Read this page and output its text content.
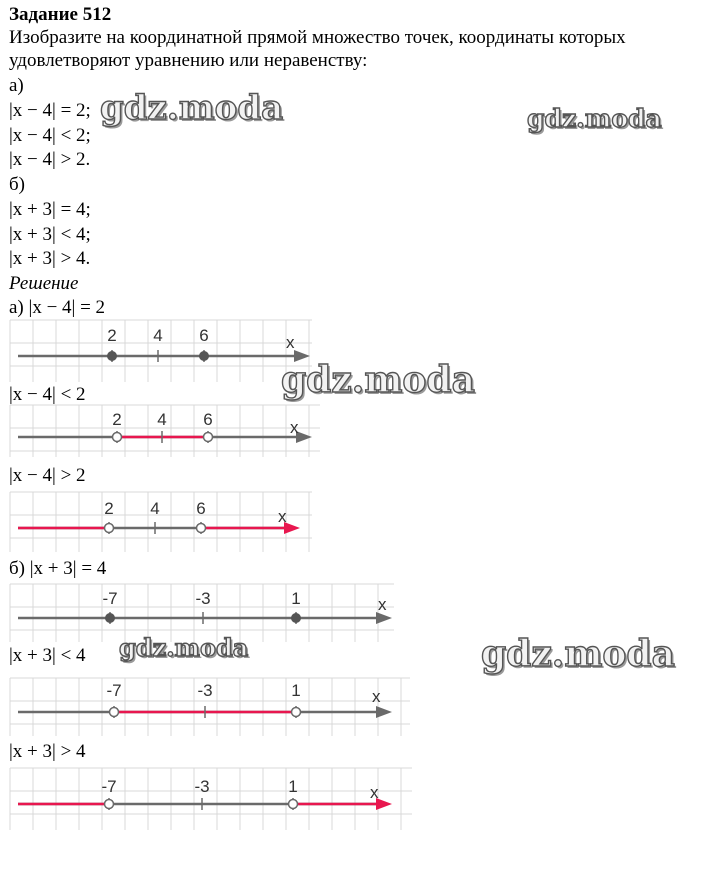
Задание 512
Изобразите на координатной прямой множество точек, координаты которых
удовлетворяют уравнению или неравенству:
а)
|x − 4| = 2;
|x − 4| < 2;
|x − 4| > 2.
б)
|x + 3| = 4;
|x + 3| < 4;
|x + 3| > 4.
Решение
а) |x − 4| = 2
|x − 4| < 2
|x − 4| > 2
б) |x + 3| = 4
|x + 3| < 4
|x + 3| > 4
x
2 4 6
x
2 4 6
x
2 4 6
x
-7	-3	1
x
-7	-3	1
x
-7	-3	1
gdz.moda	gdz.moda
gdz.moda
gdz.moda	gdz.moda
